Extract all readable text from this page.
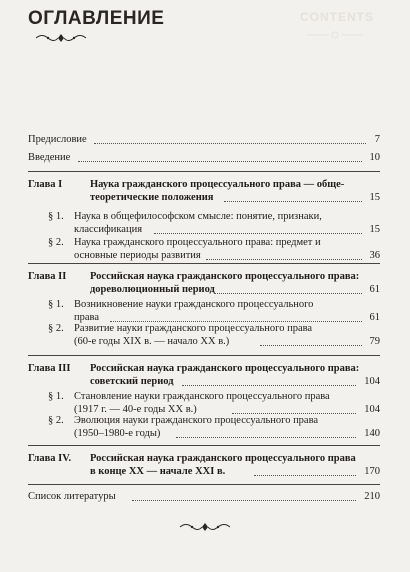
CONTENTS
ОГЛАВЛЕНИЕ
Предисловие	7
Введение	10
Глава I	Наука гражданского процессуального права — обще-
теоретические положения	15
§ 1. Наука в общефилософском смысле: понятие, признаки,
классификация	15
§ 2. Наука гражданского процессуального права: предмет и
основные периоды развития	36
Глава II Российская наука гражданского процессуального права:
дореволюционный период	61
§ 1. Возникновение науки гражданского процессуального
права	61
§ 2. Развитие науки гражданского процессуального права
(60-е годы XIX в. — начало XX в.)	79
Глава III Российская наука гражданского процессуального права:
советский период	104
§ 1. Становление науки гражданского процессуального права
(1917 г. — 40-е годы XX в.)	104
§ 2. Эволюция науки гражданского процессуального права
(1950–1980-е годы)	140
Глава IV. Российская наука гражданского процессуального права
в конце XX — начале XXI в.	170
Список литературы	210
